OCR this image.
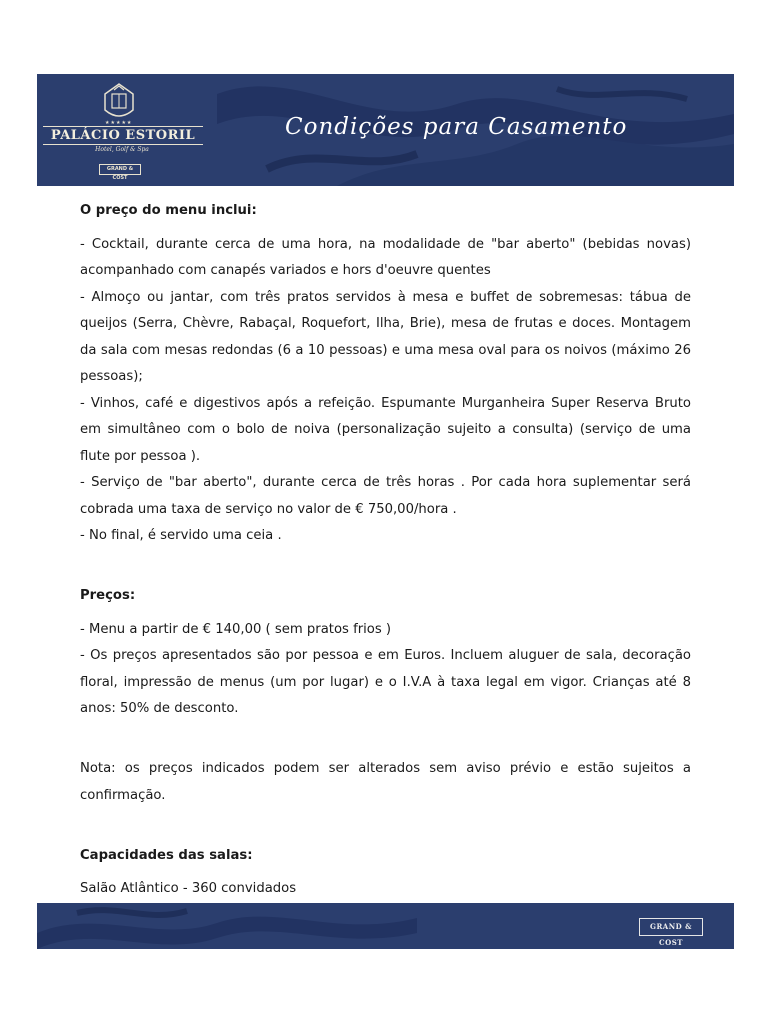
★★★★★
PALÁCIO ESTORIL
Hotel, Golf & Spa
GRAND & COST
Condições para Casamento

O preço do menu inclui:

- Cocktail, durante cerca de uma hora, na modalidade de "bar aberto" (bebidas novas) acompanhado com canapés variados e hors d'oeuvre quentes

- Almoço ou jantar, com três pratos servidos à mesa e buffet de sobremesas: tábua de queijos (Serra, Chèvre, Rabaçal, Roquefort, Ilha, Brie), mesa de frutas e doces. Montagem da sala com mesas redondas (6 a 10 pessoas) e uma mesa oval para os noivos (máximo 26 pessoas);

- Vinhos, café e digestivos após a refeição. Espumante Murganheira Super Reserva Bruto em simultâneo com o bolo de noiva (personalização sujeito a consulta) (serviço de uma flute por pessoa ).

- Serviço de "bar aberto", durante cerca de três horas . Por cada hora suplementar será cobrada uma taxa de serviço no valor de € 750,00/hora .

- No final, é servido uma ceia .

Preços:

- Menu a partir de € 140,00 ( sem pratos frios )

- Os preços apresentados são por pessoa e em Euros. Incluem aluguer de sala, decoração floral, impressão de menus (um por lugar) e o I.V.A à taxa legal em vigor. Crianças até 8 anos: 50% de desconto.

Nota: os preços indicados podem ser alterados sem aviso prévio e estão sujeitos a confirmação.

Capacidades das salas:

Salão Atlântico - 360 convidados

GRAND & COST
